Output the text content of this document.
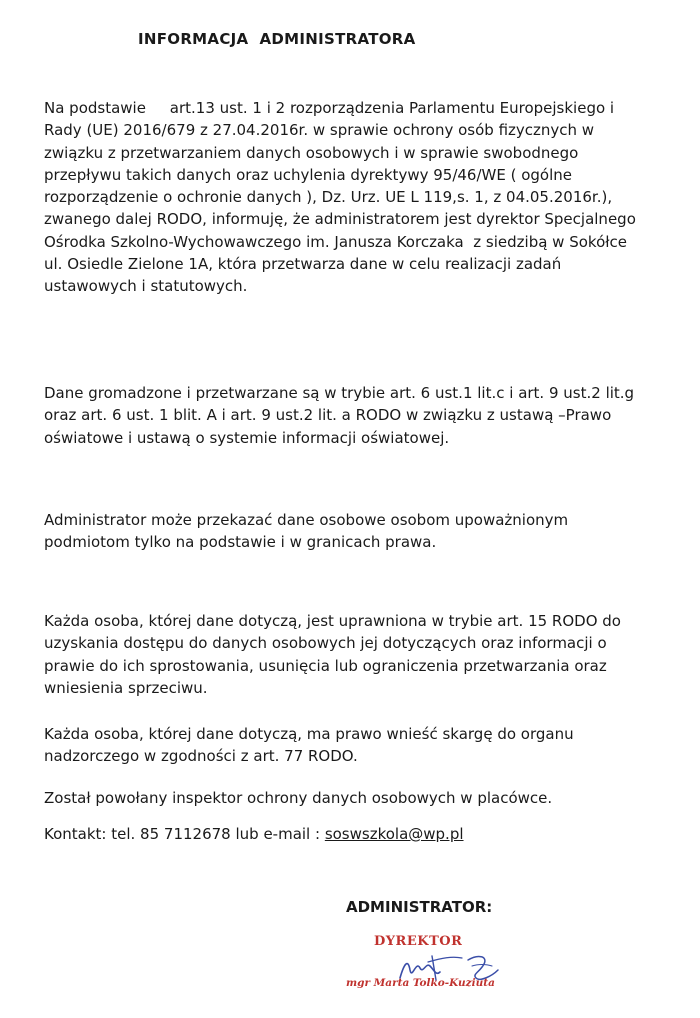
INFORMACJA  ADMINISTRATORA

Na podstawie     art.13 ust. 1 i 2 rozporządzenia Parlamentu Europejskiego i
Rady (UE) 2016/679 z 27.04.2016r. w sprawie ochrony osób fizycznych w
związku z przetwarzaniem danych osobowych i w sprawie swobodnego
przepływu takich danych oraz uchylenia dyrektywy 95/46/WE ( ogólne
rozporządzenie o ochronie danych ), Dz. Urz. UE L 119,s. 1, z 04.05.2016r.),
zwanego dalej RODO, informuję, że administratorem jest dyrektor Specjalnego
Ośrodka Szkolno-Wychowawczego im. Janusza Korczaka  z siedzibą w Sokółce
ul. Osiedle Zielone 1A, która przetwarza dane w celu realizacji zadań
ustawowych i statutowych.

Dane gromadzone i przetwarzane są w trybie art. 6 ust.1 lit.c i art. 9 ust.2 lit.g
oraz art. 6 ust. 1 blit. A i art. 9 ust.2 lit. a RODO w związku z ustawą –Prawo
oświatowe i ustawą o systemie informacji oświatowej.

Administrator może przekazać dane osobowe osobom upoważnionym
podmiotom tylko na podstawie i w granicach prawa.

Każda osoba, której dane dotyczą, jest uprawniona w trybie art. 15 RODO do
uzyskania dostępu do danych osobowych jej dotyczących oraz informacji o
prawie do ich sprostowania, usunięcia lub ograniczenia przetwarzania oraz
wniesienia sprzeciwu.

Każda osoba, której dane dotyczą, ma prawo wnieść skargę do organu
nadzorczego w zgodności z art. 77 RODO.

Został powołany inspektor ochrony danych osobowych w placówce.

Kontakt: tel. 85 7112678 lub e-mail : soswszkola@wp.pl
ADMINISTRATOR:
DYREKTOR
mgr Marta Tolko-Kuziuta
